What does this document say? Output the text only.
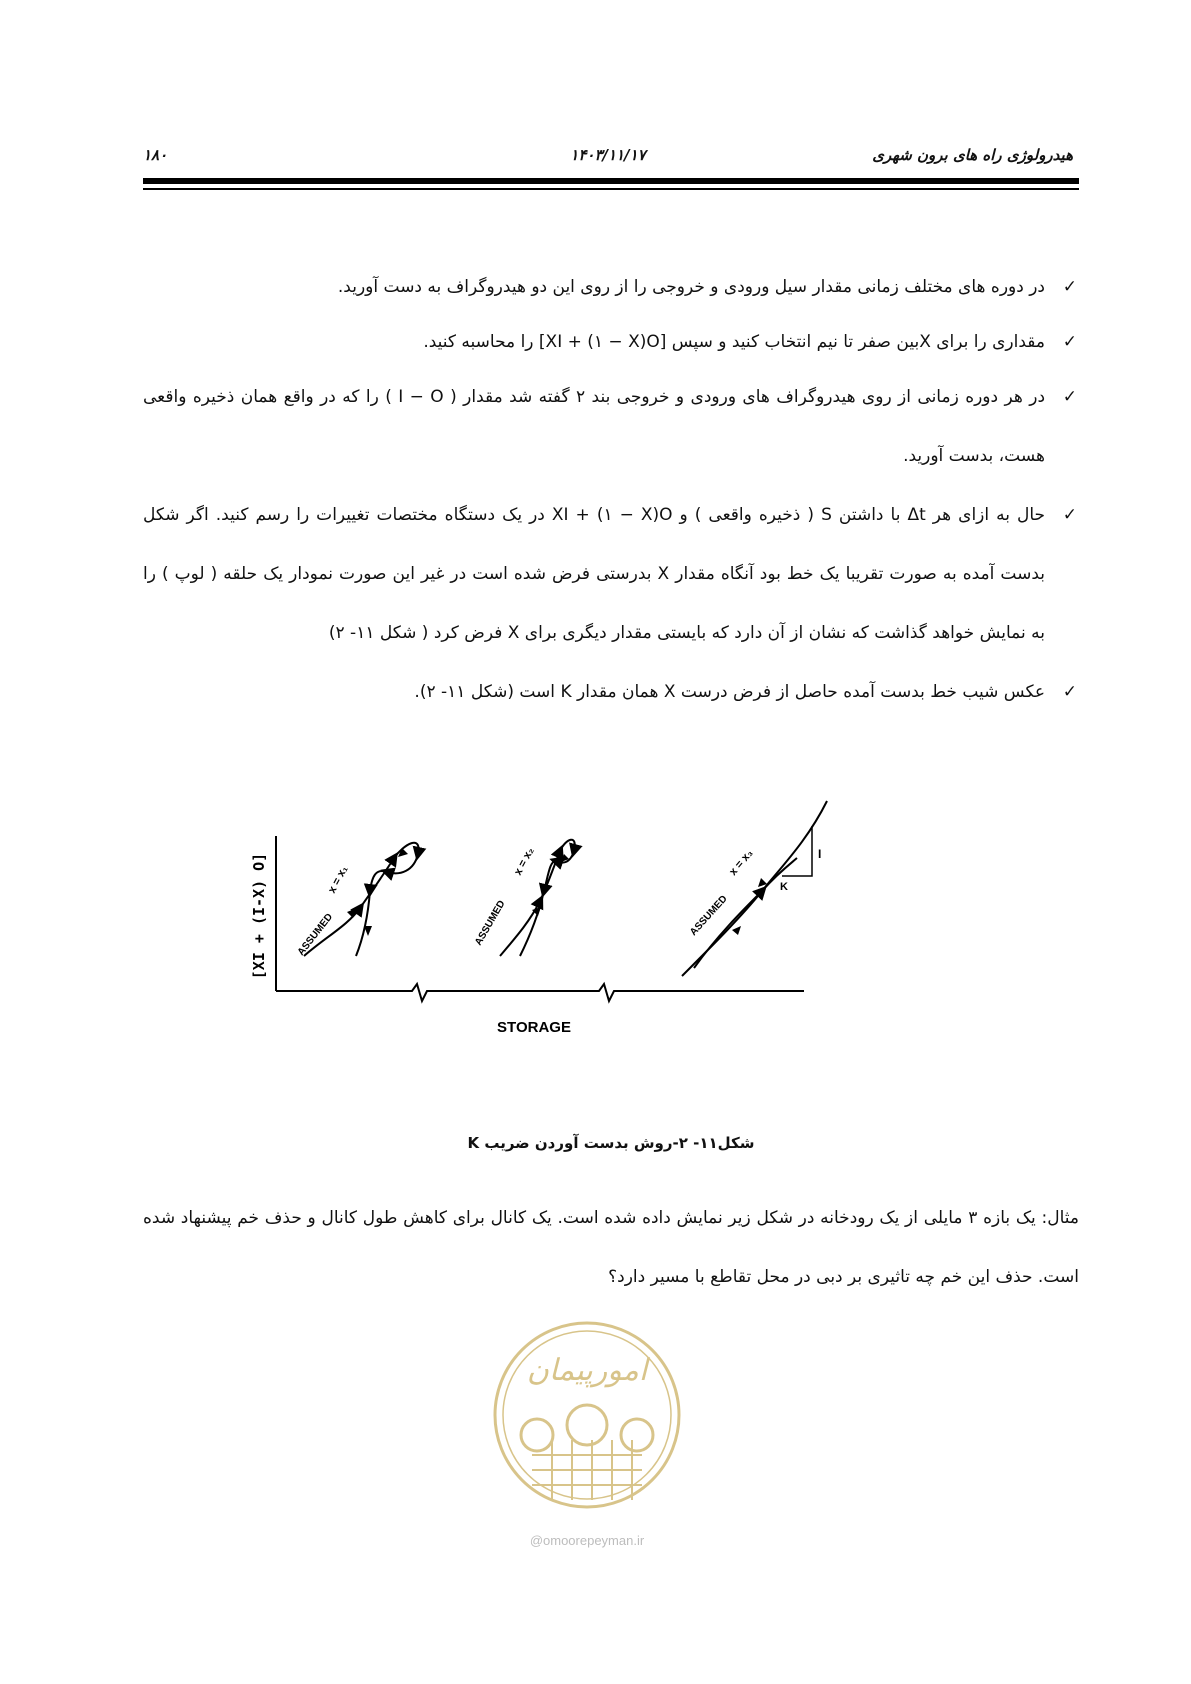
هیدرولوژی راه های برون شهری
۱۴۰۳/۱۱/۱۷
۱۸۰
✓ در دوره های مختلف زمانی مقدار سیل ورودی و خروجی را از روی این دو هیدروگراف به دست آورید.
✓ مقداری را برای Xبین صفر تا نیم انتخاب کنید و سپس [XI + (۱ − X)O] را محاسبه کنید.
✓ در هر دوره زمانی از روی هیدروگراف های ورودی و خروجی بند ۲ گفته شد مقدار ( I − O ) را که در واقع همان ذخیره واقعی هست، بدست آورید.
✓ حال به ازای هر Δt با داشتن S ( ذخیره واقعی ) و XI + (۱ − X)O در یک دستگاه مختصات تغییرات را رسم کنید. اگر شکل بدست آمده به صورت تقریبا یک خط بود آنگاه مقدار X بدرستی فرض شده است در غیر این صورت نمودار یک حلقه ( لوپ ) را به نمایش خواهد گذاشت که نشان از آن دارد که بایستی مقدار دیگری برای X فرض کرد ( شکل ۱۱- ۲)
✓ عکس شیب خط بدست آمده حاصل از فرض درست X همان مقدار K است (شکل ۱۱- ۲).
[XI + (I-X) O]
STORAGE
ASSUMED
x = x₁
ASSUMED
x = x₂
ASSUMED
x = x₃	I
K
شکل۱۱- ۲-روش بدست آوردن ضریب K
مثال: یک بازه ۳ مایلی از یک رودخانه در شکل زیر نمایش داده شده است. یک کانال برای کاهش طول کانال و حذف خم پیشنهاد شده است. حذف این خم چه تاثیری بر دبی در محل تقاطع با مسیر دارد؟
امورپیمان
@omoorepeyman.ir
